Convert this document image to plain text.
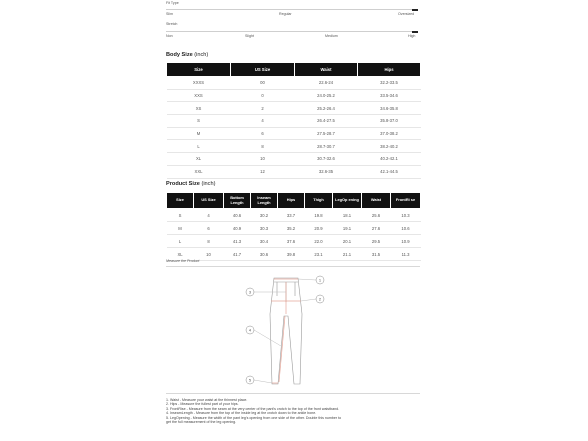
Fit Type
Slim	Regular	Oversized
Stretch
Non	Slight	Medium	High
Body Size (inch)
Size	US Size	Waist	Hips
XXXS	00	22.6-24	32.2-33.5
XXS	0	24.0-25.2	33.5-34.6
XS	2	25.2-26.4	34.6-35.8
S	4	26.4-27.5	35.8-37.0
M	6	27.5-28.7	37.0-38.2
L	8	28.7-30.7	38.2-40.2
XL	10	30.7-32.6	40.2-42.1
XXL	12	32.6-35	42.1-44.5
Product Size (inch)
Size	US Size	Bottom Length	Inseam Length	Hips	Thigh	LegOp ening	Waist	FrontRi se
S	4	40.6	30.2	33.7	19.8	18.1	25.6	10.3
M	6	40.9	30.3	35.2	20.9	19.1	27.6	10.6
L	8	41.3	30.4	37.6	22.0	20.1	29.5	10.9
XL	10	41.7	30.6	39.8	23.1	21.1	31.5	11.3
Measure the Product
1
2
3
4
5
1. Waist - Measure your waist at the thinnest place.
2. Hips - Measure the fullest part of your hips.
3. FrontRise - Measure from the seam at the very center of the pant's crotch to the top of the front waistband.
4. InseamLength - Measure from the top of the inside leg at the crotch down to the ankle bone.
5. LegOpening - Measure the width of the pant leg's opening from one side of the other. Double this number to
get the full measurement of the leg opening.
